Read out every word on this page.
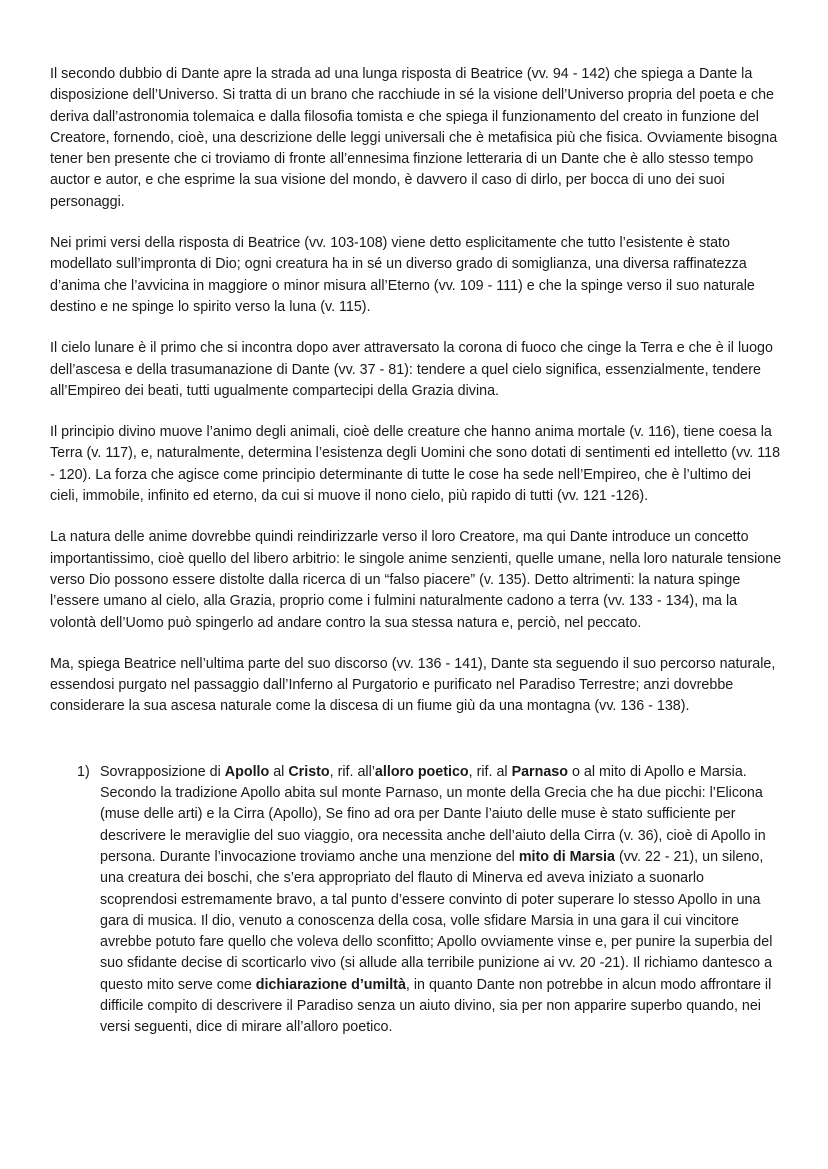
Il secondo dubbio di Dante apre la strada ad una lunga risposta di Beatrice (vv. 94 - 142) che spiega a Dante la disposizione dell’Universo. Si tratta di un brano che racchiude in sé la visione dell’Universo propria del poeta e che deriva dall’astronomia tolemaica e dalla filosofia tomista e che spiega il funzionamento del creato in funzione del Creatore, fornendo, cioè, una descrizione delle leggi universali che è metafisica più che fisica. Ovviamente bisogna tener ben presente che ci troviamo di fronte all’ennesima finzione letteraria di un Dante che è allo stesso tempo auctor e autor, e che esprime la sua visione del mondo, è davvero il caso di dirlo, per bocca di uno dei suoi personaggi.

Nei primi versi della risposta di Beatrice (vv. 103-108) viene detto esplicitamente che tutto l’esistente è stato modellato sull’impronta di Dio; ogni creatura ha in sé un diverso grado di somiglianza, una diversa raffinatezza d’anima che l’avvicina in maggiore o minor misura all’Eterno (vv. 109 - 111) e che la spinge verso il suo naturale destino e ne spinge lo spirito verso la luna (v. 115).

Il cielo lunare è il primo che si incontra dopo aver attraversato la corona di fuoco che cinge la Terra e che è il luogo dell’ascesa e della trasumanazione di Dante (vv. 37 - 81): tendere a quel cielo significa, essenzialmente, tendere all’Empireo dei beati, tutti ugualmente compartecipi della Grazia divina.

Il principio divino muove l’animo degli animali, cioè delle creature che hanno anima mortale (v. 116), tiene coesa la Terra (v. 117), e, naturalmente, determina l’esistenza degli Uomini che sono dotati di sentimenti ed intelletto (vv. 118 - 120). La forza che agisce come principio determinante di tutte le cose ha sede nell’Empireo, che è l’ultimo dei cieli, immobile, infinito ed eterno, da cui si muove il nono cielo, più rapido di tutti (vv. 121 -126).

La natura delle anime dovrebbe quindi reindirizzarle verso il loro Creatore, ma qui Dante introduce un concetto importantissimo, cioè quello del libero arbitrio: le singole anime senzienti, quelle umane, nella loro naturale tensione verso Dio possono essere distolte dalla ricerca di un “falso piacere” (v. 135). Detto altrimenti: la natura spinge l’essere umano al cielo, alla Grazia, proprio come i fulmini naturalmente cadono a terra (vv. 133 - 134), ma la volontà dell’Uomo può spingerlo ad andare contro la sua stessa natura e, perciò, nel peccato.

Ma, spiega Beatrice nell’ultima parte del suo discorso (vv. 136 - 141), Dante sta seguendo il suo percorso naturale, essendosi purgato nel passaggio dall’Inferno al Purgatorio e purificato nel Paradiso Terrestre; anzi dovrebbe considerare la sua ascesa naturale come la discesa di un fiume giù da una montagna (vv. 136 - 138).

1) Sovrapposizione di Apollo al Cristo, rif. all’alloro poetico, rif. al Parnaso o al mito di Apollo e Marsia. Secondo la tradizione Apollo abita sul monte Parnaso, un monte della Grecia che ha due picchi: l’Elicona (muse delle arti) e la Cirra (Apollo), Se fino ad ora per Dante l’aiuto delle muse è stato sufficiente per descrivere le meraviglie del suo viaggio, ora necessita anche dell’aiuto della Cirra (v. 36), cioè di Apollo in persona. Durante l’invocazione troviamo anche una menzione del mito di Marsia (vv. 22 - 21), un sileno, una creatura dei boschi, che s’era appropriato del flauto di Minerva ed aveva iniziato a suonarlo scoprendosi estremamente bravo, a tal punto d’essere convinto di poter superare lo stesso Apollo in una gara di musica. Il dio, venuto a conoscenza della cosa, volle sfidare Marsia in una gara il cui vincitore avrebbe potuto fare quello che voleva dello sconfitto; Apollo ovviamente vinse e, per punire la superbia del suo sfidante decise di scorticarlo vivo (si allude alla terribile punizione ai vv. 20 -21). Il richiamo dantesco a questo mito serve come dichiarazione d’umiltà, in quanto Dante non potrebbe in alcun modo affrontare il difficile compito di descrivere il Paradiso senza un aiuto divino, sia per non apparire superbo quando, nei versi seguenti, dice di mirare all’alloro poetico.
